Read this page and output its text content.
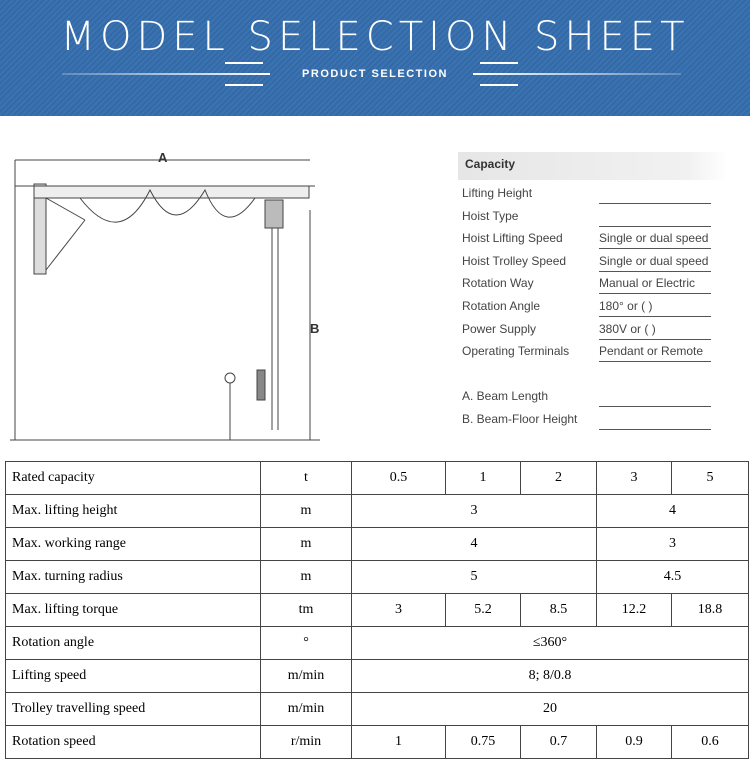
MODEL SELECTION SHEET
PRODUCT SELECTION
A
B
Capacity
Lifting Height
Hoist Type
Hoist Lifting Speed	Single or dual speed
Hoist Trolley Speed	Single or dual speed
Rotation Way	Manual or Electric
Rotation Angle	180° or ( )
Power Supply	380V or ( )
Operating Terminals Pendant or Remote
A. Beam Length
B. Beam-Floor Height
Rated capacity	t	0.5	1	2	3	5
Max. lifting height	m	3			4	
Max. working range	m	4			3	
Max. turning radius	m	5			4.5	
Max. lifting torque	tm	3	5.2	8.5	12.2	18.8
Rotation angle	°	≤360°				
Lifting speed	m/min	8; 8/0.8				
Trolley travelling speed	m/min	20				
Rotation speed	r/min	1	0.75	0.7	0.9	0.6
